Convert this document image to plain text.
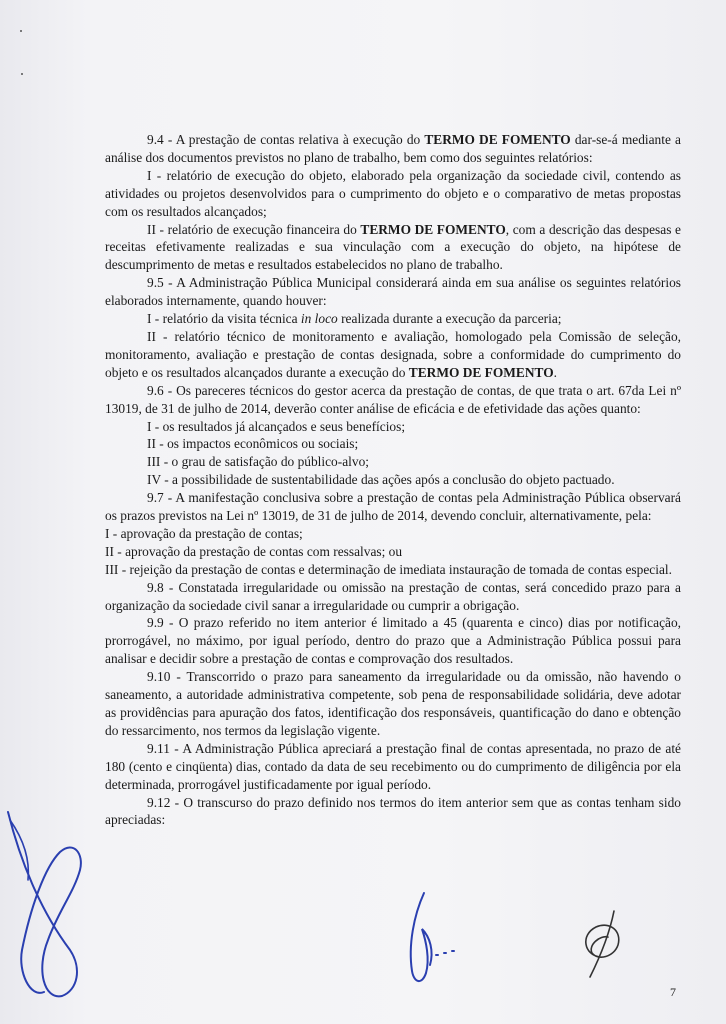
9.4 - A prestação de contas relativa à execução do TERMO DE FOMENTO dar-se-á mediante a análise dos documentos previstos no plano de trabalho, bem como dos seguintes relatórios:

I - relatório de execução do objeto, elaborado pela organização da sociedade civil, contendo as atividades ou projetos desenvolvidos para o cumprimento do objeto e o comparativo de metas propostas com os resultados alcançados;

II - relatório de execução financeira do TERMO DE FOMENTO, com a descrição das despesas e receitas efetivamente realizadas e sua vinculação com a execução do objeto, na hipótese de descumprimento de metas e resultados estabelecidos no plano de trabalho.

9.5 - A Administração Pública Municipal considerará ainda em sua análise os seguintes relatórios elaborados internamente, quando houver:

I - relatório da visita técnica in loco realizada durante a execução da parceria;

II - relatório técnico de monitoramento e avaliação, homologado pela Comissão de seleção, monitoramento, avaliação e prestação de contas designada, sobre a conformidade do cumprimento do objeto e os resultados alcançados durante a execução do TERMO DE FOMENTO.

9.6 - Os pareceres técnicos do gestor acerca da prestação de contas, de que trata o art. 67da Lei nº 13019, de 31 de julho de 2014, deverão conter análise de eficácia e de efetividade das ações quanto:

I - os resultados já alcançados e seus benefícios;

II - os impactos econômicos ou sociais;

III - o grau de satisfação do público-alvo;

IV - a possibilidade de sustentabilidade das ações após a conclusão do objeto pactuado.

9.7 - A manifestação conclusiva sobre a prestação de contas pela Administração Pública observará os prazos previstos na Lei nº 13019, de 31 de julho de 2014, devendo concluir, alternativamente, pela:

I - aprovação da prestação de contas;

II - aprovação da prestação de contas com ressalvas; ou

III - rejeição da prestação de contas e determinação de imediata instauração de tomada de contas especial.

9.8 - Constatada irregularidade ou omissão na prestação de contas, será concedido prazo para a organização da sociedade civil sanar a irregularidade ou cumprir a obrigação.

9.9 - O prazo referido no item anterior é limitado a 45 (quarenta e cinco) dias por notificação, prorrogável, no máximo, por igual período, dentro do prazo que a Administração Pública possui para analisar e decidir sobre a prestação de contas e comprovação dos resultados.

9.10 - Transcorrido o prazo para saneamento da irregularidade ou da omissão, não havendo o saneamento, a autoridade administrativa competente, sob pena de responsabilidade solidária, deve adotar as providências para apuração dos fatos, identificação dos responsáveis, quantificação do dano e obtenção do ressarcimento, nos termos da legislação vigente.

9.11 - A Administração Pública apreciará a prestação final de contas apresentada, no prazo de até 180 (cento e cinqüenta) dias, contado da data de seu recebimento ou do cumprimento de diligência por ela determinada, prorrogável justificadamente por igual período.

9.12 - O transcurso do prazo definido nos termos do item anterior sem que as contas tenham sido apreciadas:

7
